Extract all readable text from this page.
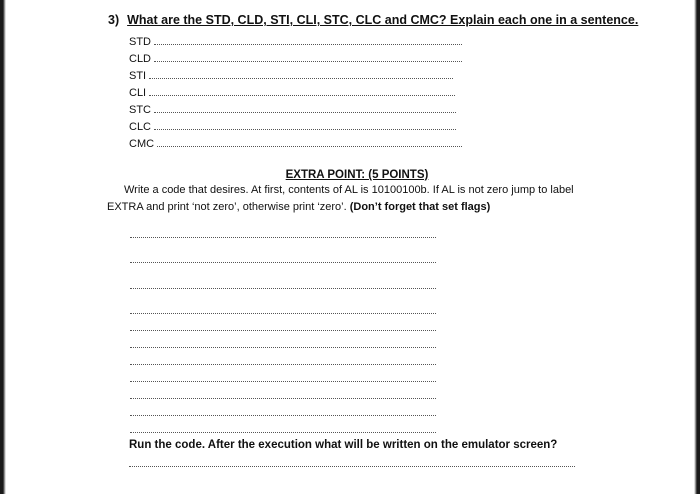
3) What are the STD, CLD, STI, CLI, STC, CLC and CMC? Explain each one in a sentence.
STD
CLD
STI
CLI
STC
CLC
CMC
EXTRA POINT: (5 POINTS)
Write a code that desires. At first, contents of AL is 10100100b. If AL is not zero jump to label
EXTRA and print ‘not zero’, otherwise print ‘zero’. (Don’t forget that set flags)
Run the code. After the execution what will be written on the emulator screen?
